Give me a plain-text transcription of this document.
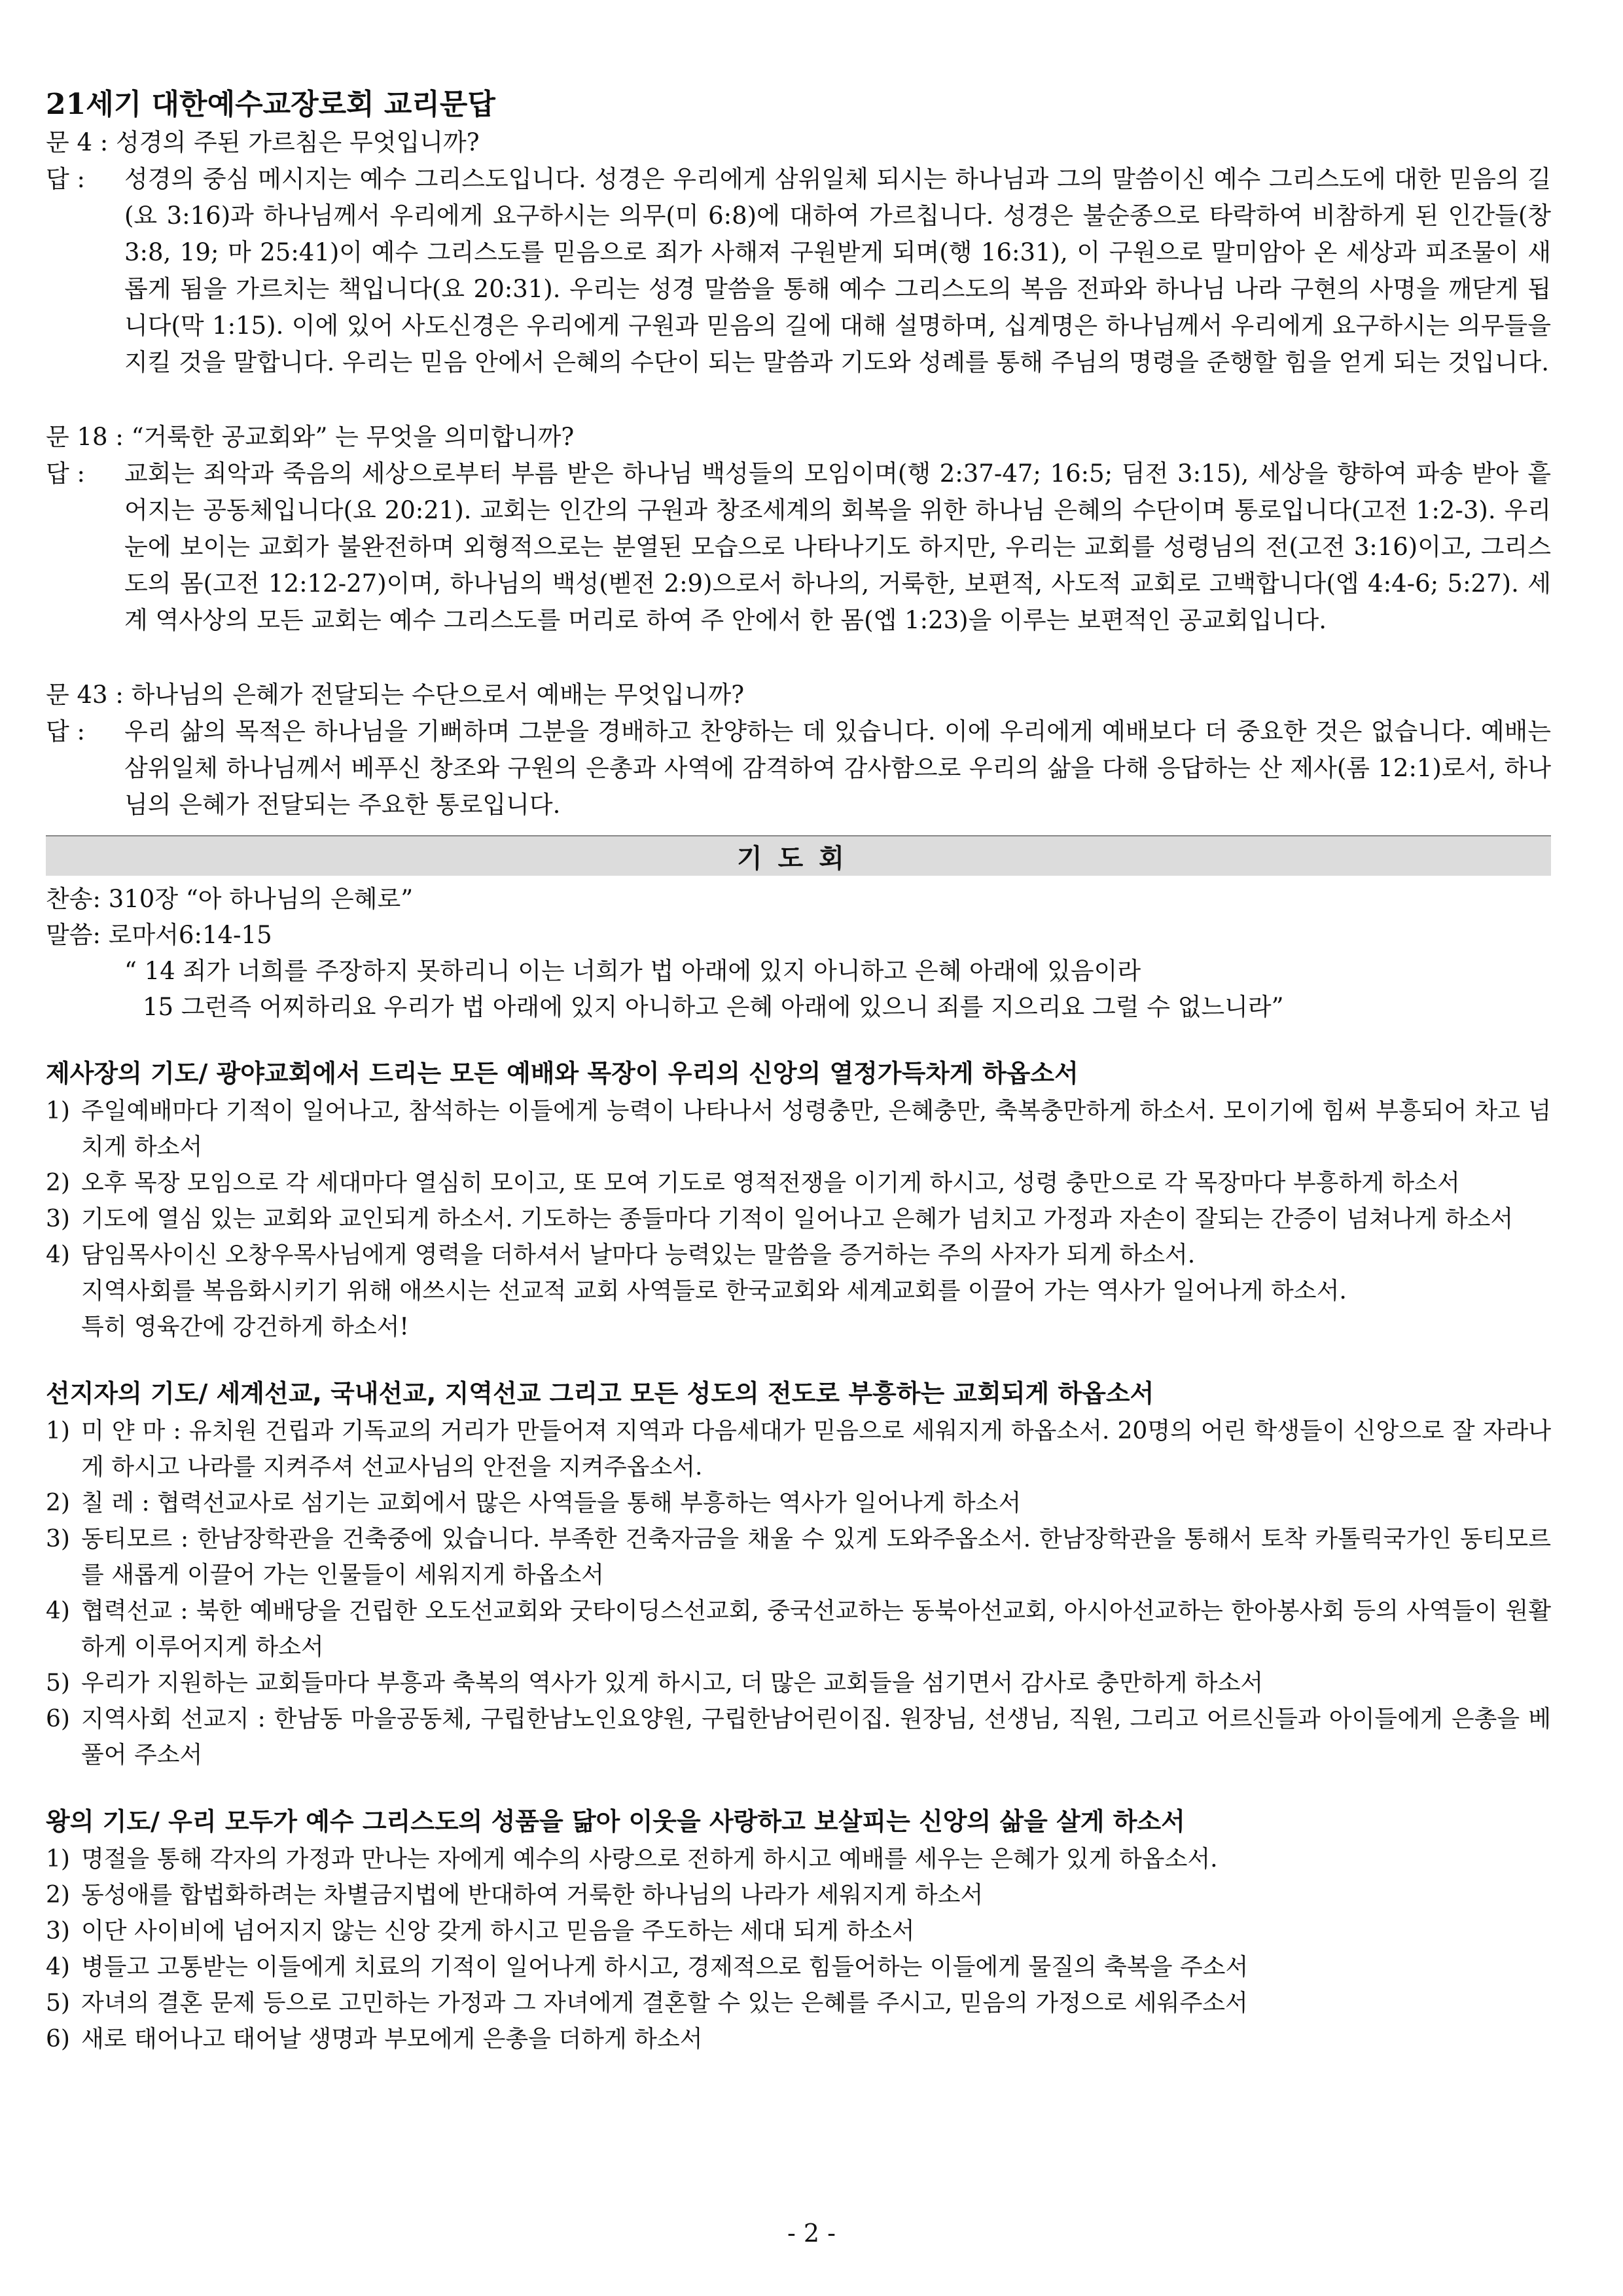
21세기 대한예수교장로회 교리문답
문 4 : 성경의 주된 가르침은 무엇입니까?
답 :	성경의 중심 메시지는 예수 그리스도입니다. 성경은 우리에게 삼위일체 되시는 하나님과 그의 말씀이신 예수 그리스도에 대한 믿음의 길(요 3:16)과 하나님께서 우리에게 요구하시는 의무(미 6:8)에 대하여 가르칩니다. 성경은 불순종으로 타락하여 비참하게 된 인간들(창 3:8, 19; 마 25:41)이 예수 그리스도를 믿음으로 죄가 사해져 구원받게 되며(행 16:31), 이 구원으로 말미암아 온 세상과 피조물이 새롭게 됨을 가르치는 책입니다(요 20:31). 우리는 성경 말씀을 통해 예수 그리스도의 복음 전파와 하나님 나라 구현의 사명을 깨닫게 됩니다(막 1:15). 이에 있어 사도신경은 우리에게 구원과 믿음의 길에 대해 설명하며, 십계명은 하나님께서 우리에게 요구하시는 의무들을 지킬 것을 말합니다. 우리는 믿음 안에서 은혜의 수단이 되는 말씀과 기도와 성례를 통해 주님의 명령을 준행할 힘을 얻게 되는 것입니다.
문 18 : “거룩한 공교회와” 는 무엇을 의미합니까?
답 :	교회는 죄악과 죽음의 세상으로부터 부름 받은 하나님 백성들의 모임이며(행 2:37-47; 16:5; 딤전 3:15), 세상을 향하여 파송 받아 흩어지는 공동체입니다(요 20:21). 교회는 인간의 구원과 창조세계의 회복을 위한 하나님 은혜의 수단이며 통로입니다(고전 1:2-3). 우리 눈에 보이는 교회가 불완전하며 외형적으로는 분열된 모습으로 나타나기도 하지만, 우리는 교회를 성령님의 전(고전 3:16)이고, 그리스도의 몸(고전 12:12-27)이며, 하나님의 백성(벧전 2:9)으로서 하나의, 거룩한, 보편적, 사도적 교회로 고백합니다(엡 4:4-6; 5:27). 세계 역사상의 모든 교회는 예수 그리스도를 머리로 하여 주 안에서 한 몸(엡 1:23)을 이루는 보편적인 공교회입니다.
문 43 : 하나님의 은혜가 전달되는 수단으로서 예배는 무엇입니까?
답 :	우리 삶의 목적은 하나님을 기뻐하며 그분을 경배하고 찬양하는 데 있습니다. 이에 우리에게 예배보다 더 중요한 것은 없습니다. 예배는 삼위일체 하나님께서 베푸신 창조와 구원의 은총과 사역에 감격하여 감사함으로 우리의 삶을 다해 응답하는 산 제사(롬 12:1)로서, 하나님의 은혜가 전달되는 주요한 통로입니다.
기도회
찬송: 310장 “아 하나님의 은혜로”
말씀: 로마서6:14-15
“ 14 죄가 너희를 주장하지 못하리니 이는 너희가 법 아래에 있지 아니하고 은혜 아래에 있음이라
15 그런즉 어찌하리요 우리가 법 아래에 있지 아니하고 은혜 아래에 있으니 죄를 지으리요 그럴 수 없느니라”
제사장의 기도/ 광야교회에서 드리는 모든 예배와 목장이 우리의 신앙의 열정가득차게 하옵소서
1) 주일예배마다 기적이 일어나고, 참석하는 이들에게 능력이 나타나서 성령충만, 은혜충만, 축복충만하게 하소서. 모이기에 힘써 부흥되어 차고 넘치게 하소서
2) 오후 목장 모임으로 각 세대마다 열심히 모이고, 또 모여 기도로 영적전쟁을 이기게 하시고, 성령 충만으로 각 목장마다 부흥하게 하소서
3) 기도에 열심 있는 교회와 교인되게 하소서. 기도하는 종들마다 기적이 일어나고 은혜가 넘치고 가정과 자손이 잘되는 간증이 넘쳐나게 하소서
4) 담임목사이신 오창우목사님에게 영력을 더하셔서 날마다 능력있는 말씀을 증거하는 주의 사자가 되게 하소서.
지역사회를 복음화시키기 위해 애쓰시는 선교적 교회 사역들로 한국교회와 세계교회를 이끌어 가는 역사가 일어나게 하소서.
특히 영육간에 강건하게 하소서!
선지자의 기도/ 세계선교, 국내선교, 지역선교 그리고 모든 성도의 전도로 부흥하는 교회되게 하옵소서
1) 미 얀 마 : 유치원 건립과 기독교의 거리가 만들어져 지역과 다음세대가 믿음으로 세워지게 하옵소서. 20명의 어린 학생들이 신앙으로 잘 자라나게 하시고 나라를 지켜주셔 선교사님의 안전을 지켜주옵소서.
2) 칠 레 : 협력선교사로 섬기는 교회에서 많은 사역들을 통해 부흥하는 역사가 일어나게 하소서
3) 동티모르 : 한남장학관을 건축중에 있습니다. 부족한 건축자금을 채울 수 있게 도와주옵소서. 한남장학관을 통해서 토착 카톨릭국가인 동티모르를 새롭게 이끌어 가는 인물들이 세워지게 하옵소서
4) 협력선교 : 북한 예배당을 건립한 오도선교회와 굿타이딩스선교회, 중국선교하는 동북아선교회, 아시아선교하는 한아봉사회 등의 사역들이 원활하게 이루어지게 하소서
5) 우리가 지원하는 교회들마다 부흥과 축복의 역사가 있게 하시고, 더 많은 교회들을 섬기면서 감사로 충만하게 하소서
6) 지역사회 선교지 : 한남동 마을공동체, 구립한남노인요양원, 구립한남어린이집. 원장님, 선생님, 직원, 그리고 어르신들과 아이들에게 은총을 베풀어 주소서
왕의 기도/ 우리 모두가 예수 그리스도의 성품을 닮아 이웃을 사랑하고 보살피는 신앙의 삶을 살게 하소서
1) 명절을 통해 각자의 가정과 만나는 자에게 예수의 사랑으로 전하게 하시고 예배를 세우는 은혜가 있게 하옵소서.
2) 동성애를 합법화하려는 차별금지법에 반대하여 거룩한 하나님의 나라가 세워지게 하소서
3) 이단 사이비에 넘어지지 않는 신앙 갖게 하시고 믿음을 주도하는 세대 되게 하소서
4) 병들고 고통받는 이들에게 치료의 기적이 일어나게 하시고, 경제적으로 힘들어하는 이들에게 물질의 축복을 주소서
5) 자녀의 결혼 문제 등으로 고민하는 가정과 그 자녀에게 결혼할 수 있는 은혜를 주시고, 믿음의 가정으로 세워주소서
6) 새로 태어나고 태어날 생명과 부모에게 은총을 더하게 하소서
- 2 -
